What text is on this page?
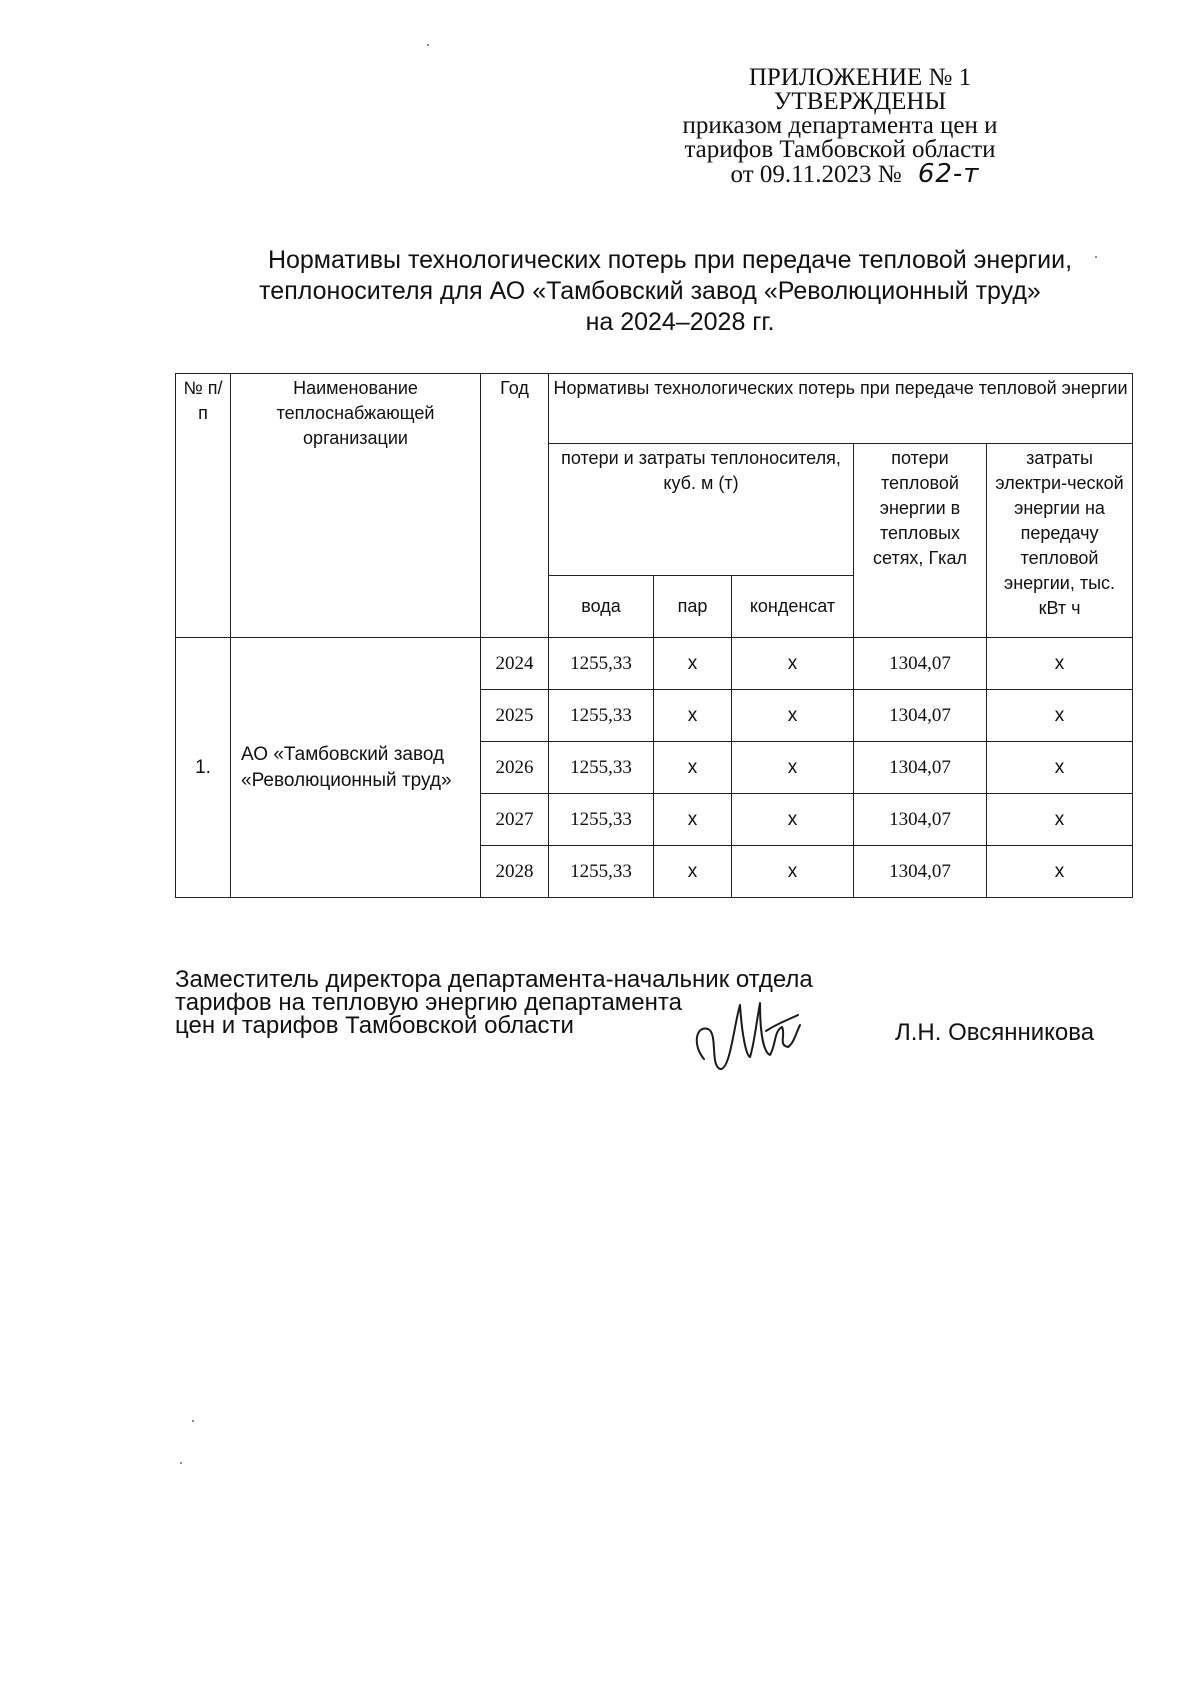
ПРИЛОЖЕНИЕ № 1
УТВЕРЖДЕНЫ
приказом департамента цен и
тарифов Тамбовской области
от 09.11.2023 № 62-т
Нормативы технологических потерь при передаче тепловой энергии,
теплоносителя для АО «Тамбовский завод «Революционный труд»
на 2024–2028 гг.
№ п/п	Наименование теплоснабжающей организации	Год	Нормативы технологических потерь при передаче тепловой энергии				
			потери и затраты теплоносителя, куб. м (т)			потери тепловой энергии в тепловых сетях, Гкал	затраты электри-ческой энергии на передачу тепловой энергии, тыс. кВт ч
			вода	пар	конденсат		
1.	АО «Тамбовский завод «Революционный труд»	2024	1255,33	х	х	1304,07	х
		2025	1255,33	х	х	1304,07	х
		2026	1255,33	х	х	1304,07	х
		2027	1255,33	х	х	1304,07	х
		2028	1255,33	х	х	1304,07	х
Заместитель директора департамента-начальник отдела
тарифов на тепловую энергию департамента
цен и тарифов Тамбовской области	Л.Н. Овсянникова
